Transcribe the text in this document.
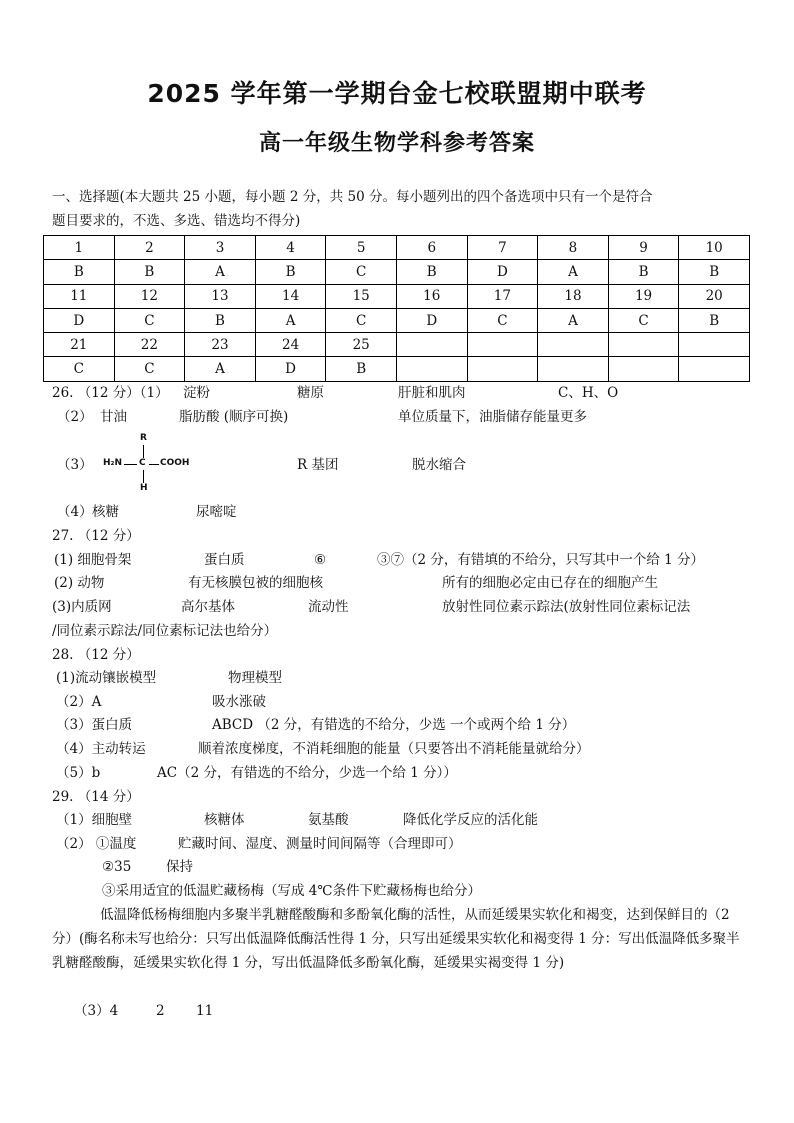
2025 学年第一学期台金七校联盟期中联考
高一年级生物学科参考答案
一、选择题(本大题共 25 小题，每小题 2 分，共 50 分。每小题列出的四个备选项中只有一个是符合
题目要求的，不选、多选、错选均不得分)
1	2	3	4	5	6	7	8	9	10
B	B	A	B	C	B	D	A	B	B
11	12	13	14	15	16	17	18	19	20
D	C	B	A	C	D	C	A	C	B
21	22	23	24	25					
C	C	A	D	B					
26. （12 分）（1） 淀粉	糖原	肝脏和肌肉	C、H、O
（2） 甘油	脂肪酸 (顺序可换)	单位质量下，油脂储存能量更多
（3）
R
H₂N C COOH
H
R 基团	脱水缩合
（4） 核糖	尿嘧啶
27. （12 分）
(1) 细胞骨架	蛋白质	⑥	③⑦（2 分，有错填的不给分，只写其中一个给 1 分）
(2) 动物	有无核膜包被的细胞核	所有的细胞必定由已存在的细胞产生
(3)内质网	高尔基体	流动性	放射性同位素示踪法(放射性同位素标记法
/同位素示踪法/同位素标记法也给分）
28. （12 分）
(1)流动镶嵌模型	物理模型
（2）A	吸水涨破
（3）蛋白质	ABCD （2 分，有错选的不给分，少选 一个或两个给 1 分）
（4）主动转运	顺着浓度梯度，不消耗细胞的能量（只要答出不消耗能量就给分）
（5）b	AC（2 分，有错选的不给分，少选一个给 1 分））
29. （14 分）
（1）细胞壁	核糖体	氨基酸	降低化学反应的活化能
（2） ①温度	贮藏时间、湿度、测量时间间隔等（合理即可）
②35	保持
③采用适宜的低温贮藏杨梅（写成 4℃条件下贮藏杨梅也给分）
低温降低杨梅细胞内多聚半乳糖醛酸酶和多酚氧化酶的活性，从而延缓果实软化和褐变，达到保鲜目的（2 分）(酶名称未写也给分：只写出低温降低酶活性得 1 分，只写出延缓果实软化和褐变得 1 分：写出低温降低多聚半乳糖醛酸酶，延缓果实软化得 1 分，写出低温降低多酚氧化酶，延缓果实褐变得 1 分)
（3）4	2 11
